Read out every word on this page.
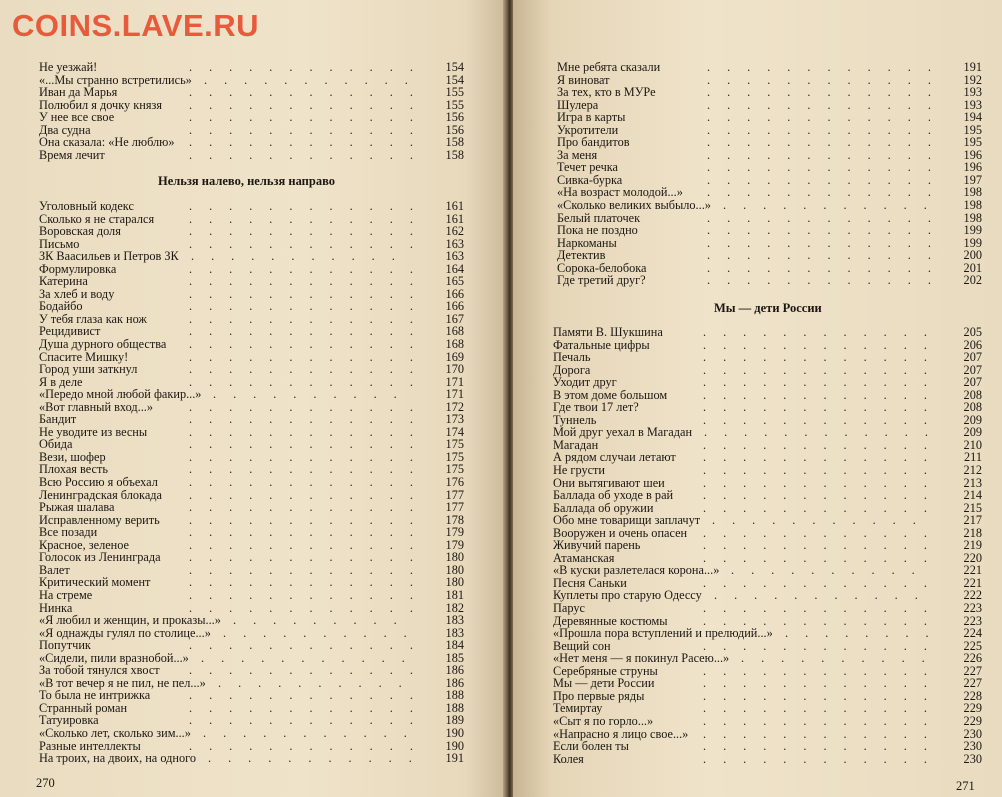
Не уезжай!	............ 154
«...Мы странно встретились» ........... 154
Иван да Марья	............ 155
Полюбил я дочку князя ............ 155
У нее все свое	............ 156
Два судна	............ 156
Она сказала: «Не люблю» ............ 158
Время лечит	............ 158
Нельзя налево, нельзя направо
Уголовный кодекс	............ 161
Сколько я не старался	............ 161
Воровская доля	............ 162
Письмо	............ 163
ЗК Ваасильев и Петров ЗК ...........	163
Формулировка	............ 164
Катерина	............ 165
За хлеб и воду	............ 166
Бодайбо	............ 166
У тебя глаза как нож	............ 167
Рецидивист	............ 168
Душа дурного общества ............ 168
Спасите Мишку!	............ 169
Город уши заткнул	............ 170
Я в деле	............ 171
«Передо мной любой факир...» ..........	171
«Вот главный вход...»	............ 172
Бандит	............ 173
Не уводите из весны	............ 174
Обида	............ 175
Вези, шофер	............ 175
Плохая весть	............ 175
Всю Россию я объехал	............ 176
Ленинградская блокада ............ 177
Рыжая шалава	............ 177
Исправленному верить ............ 178
Все позади	............ 179
Красное, зеленое	............ 179
Голосок из Ленинграда ............ 180
Валет	............ 180
Критический момент	............ 180
На стреме	............ 181
Нинка	............ 182
«Я любил и женщин, и проказы...» .........	183
«Я однажды гулял по столице...» .......... 183
Попутчик	............ 184
«Сидели, пили вразнобой...» ........... 185
За тобой тянулся хвост ............ 186
«В тот вечер я не пил, не пел...» .......... 186
То была не интрижка	............ 188
Странный роман	............ 188
Татуировка	............ 189
«Сколько лет, сколько зим...» ........... 190
Разные интеллекты	............ 190
На троих, на двоих, на одного ........... 191
270
Мне ребята сказали	............ 191
Я виноват	............ 192
За тех, кто в МУРе	............ 193
Шулера	............ 193
Игра в карты	............ 194
Укротители	............ 195
Про бандитов	............ 195
За меня	............ 196
Течет речка	............ 196
Сивка-бурка	............ 197
«На возраст молодой...» ............ 198
«Сколько великих выбыло...» ........... 198
Белый платочек	............ 198
Пока не поздно	............ 199
Наркоманы	............ 199
Детектив	............ 200
Сорока-белобока	............ 201
Где третий друг?	............ 202
Мы — дети России
Памяти В. Шукшина	............ 205
Фатальные цифры	............ 206
Печаль	............ 207
Дорога	............ 207
Уходит друг	............ 207
В этом доме большом	............ 208
Где твои 17 лет?	............ 208
Туннель	............ 209
Мой друг уехал в Магадан ............ 209
Магадан	............ 210
А рядом случаи летают ............ 211
Не грусти	............ 212
Они вытягивают шеи	............ 213
Баллада об уходе в рай ............ 214
Баллада об оружии	............ 215
Обо мне товарищи заплачут ........... 217
Вооружен и очень опасен ............ 218
Живучий парень	............ 219
Атаманская	............ 220
«В куски разлетелася корона...» ..........	221
Песня Саньки	............ 221
Куплеты про старую Одессу ........... 222
Парус	............ 223
Деревянные костюмы	............ 223
«Прошла пора вступлений и прелюдий...» ........ 224
Вещий сон	............ 225
«Нет меня — я покинул Расею...» .......... 226
Серебряные струны	............ 227
Мы — дети России	............ 227
Про первые ряды	............ 228
Темиртау	............ 229
«Сыт я по горло...»	............ 229
«Напрасно я лицо свое...» ............ 230
Если болен ты	............ 230
Колея	............ 230
271
COINS.LAVE.RU
